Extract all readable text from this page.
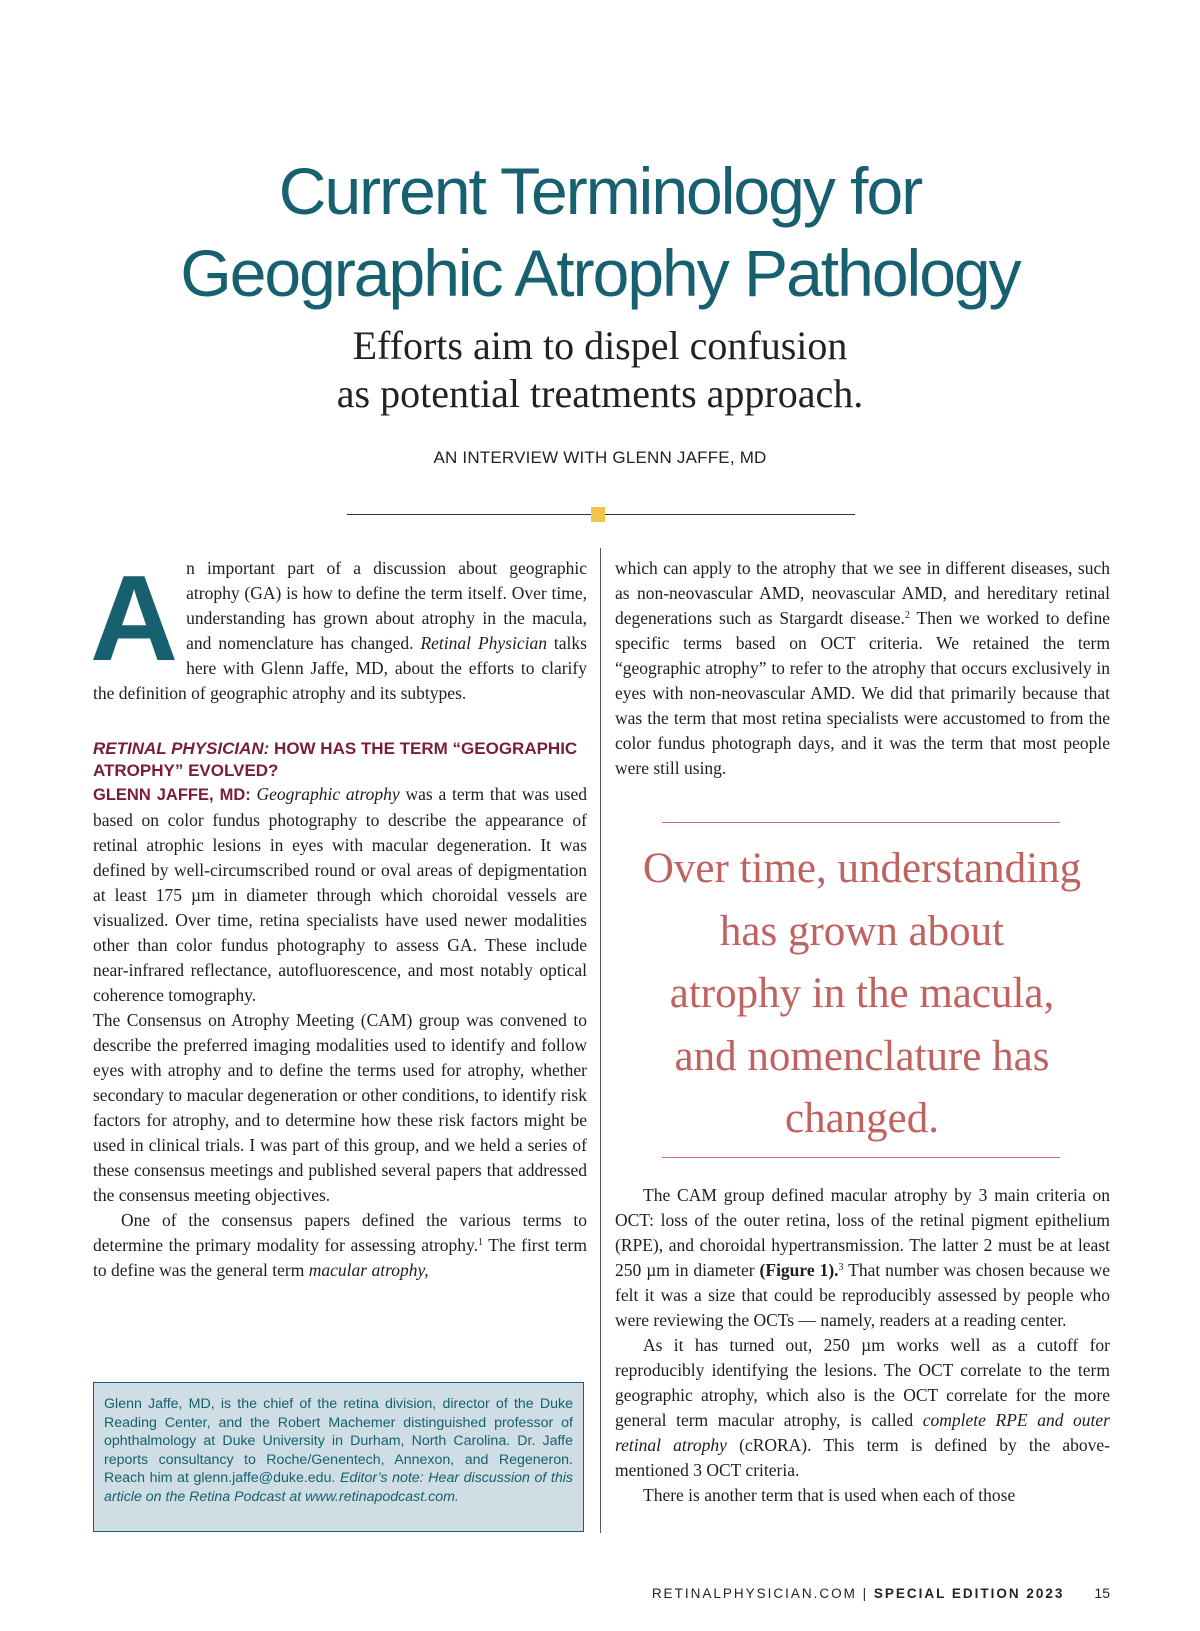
Current Terminology for
Geographic Atrophy Pathology
Efforts aim to dispel confusion
as potential treatments approach.
AN INTERVIEW WITH GLENN JAFFE, MD

An important part of a discussion about geographic atrophy (GA) is how to define the term itself. Over time, understanding has grown about atrophy in the macula, and nomenclature has changed. Retinal Physician talks here with Glenn Jaffe, MD, about the efforts to clarify the definition of geographic atrophy and its subtypes.

RETINAL PHYSICIAN: HOW HAS THE TERM “GEOGRAPHIC ATROPHY” EVOLVED?

GLENN JAFFE, MD: Geographic atrophy was a term that was used based on color fundus photography to describe the appearance of retinal atrophic lesions in eyes with macular degeneration. It was defined by well-circumscribed round or oval areas of depigmentation at least 175 µm in diameter through which choroidal vessels are visualized. Over time, retina specialists have used newer modalities other than color fundus photography to assess GA. These include near-infrared reflectance, autofluorescence, and most notably optical coherence tomography.

The Consensus on Atrophy Meeting (CAM) group was convened to describe the preferred imaging modalities used to identify and follow eyes with atrophy and to define the terms used for atrophy, whether secondary to macular degeneration or other conditions, to identify risk factors for atrophy, and to determine how these risk factors might be used in clinical trials. I was part of this group, and we held a series of these consensus meetings and published several papers that addressed the consensus meeting objectives.

One of the consensus papers defined the various terms to determine the primary modality for assessing atrophy.$^1$ The first term to define was the general term macular atrophy,

which can apply to the atrophy that we see in different diseases, such as non-neovascular AMD, neovascular AMD, and hereditary retinal degenerations such as Stargardt disease.$^2$ Then we worked to define specific terms based on OCT criteria. We retained the term “geographic atrophy” to refer to the atrophy that occurs exclusively in eyes with non-neovascular AMD. We did that primarily because that was the term that most retina specialists were accustomed to from the color fundus photograph days, and it was the term that most people were still using.

Over time, understanding
has grown about
atrophy in the macula,
and nomenclature has
changed.

The CAM group defined macular atrophy by 3 main criteria on OCT: loss of the outer retina, loss of the retinal pigment epithelium (RPE), and choroidal hypertransmission. The latter 2 must be at least 250 µm in diameter (Figure 1).$^3$ That number was chosen because we felt it was a size that could be reproducibly assessed by people who were reviewing the OCTs — namely, readers at a reading center.

As it has turned out, 250 µm works well as a cutoff for reproducibly identifying the lesions. The OCT correlate to the term geographic atrophy, which also is the OCT correlate for the more general term macular atrophy, is called complete RPE and outer retinal atrophy (cRORA). This term is defined by the above-mentioned 3 OCT criteria.

There is another term that is used when each of those

Glenn Jaffe, MD, is the chief of the retina division, director of the Duke Reading Center, and the Robert Machemer distinguished professor of ophthalmology at Duke University in Durham, North Carolina. Dr. Jaffe reports consultancy to Roche/Genentech, Annexon, and Regeneron. Reach him at glenn.jaffe@duke.edu. Editor’s note: Hear discussion of this article on the Retina Podcast at www.retinapodcast.com.

RETINALPHYSICIAN.COM | SPECIAL EDITION 2023 15
